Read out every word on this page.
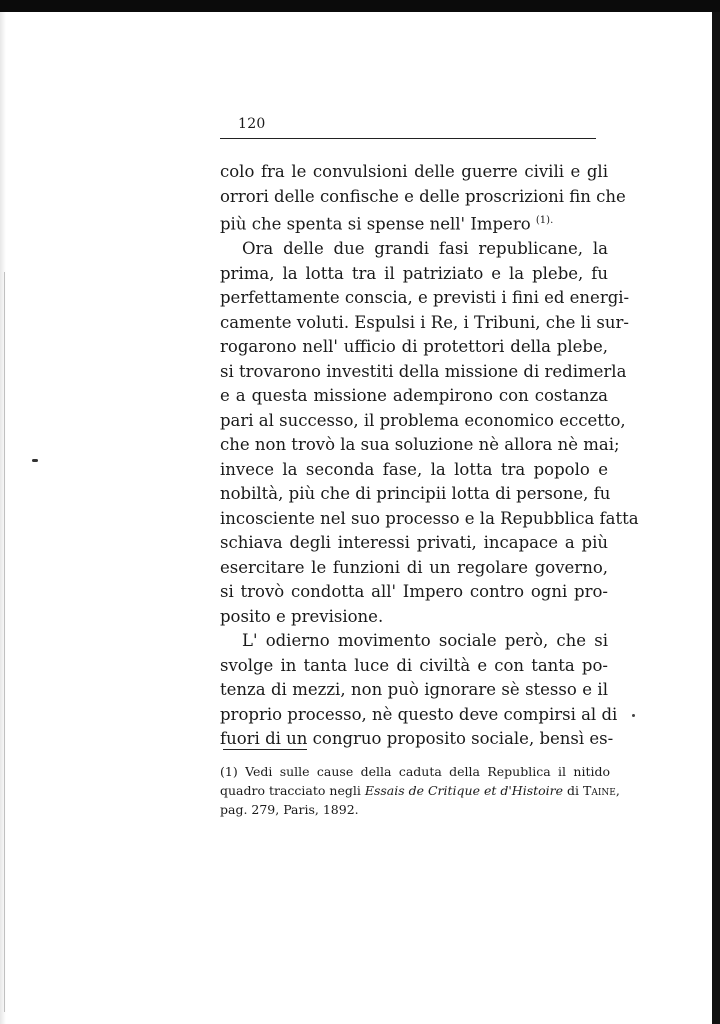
120
colo fra le convulsioni delle guerre civili e gli
orrori delle confische e delle proscrizioni fin che
più che spenta si spense nell' Impero $^{(1).}$
Ora delle due grandi fasi republicane, la
prima, la lotta tra il patriziato e la plebe, fu
perfettamente conscia, e previsti i fini ed energi-
camente voluti. Espulsi i Re, i Tribuni, che li sur-
rogarono nell' ufficio di protettori della plebe,
si trovarono investiti della missione di redimerla
e a questa missione adempirono con costanza
pari al successo, il problema economico eccetto,
che non trovò la sua soluzione nè allora nè mai;
invece la seconda fase, la lotta tra popolo e
nobiltà, più che di principii lotta di persone, fu
incosciente nel suo processo e la Repubblica fatta
schiava degli interessi privati, incapace a più
esercitare le funzioni di un regolare governo,
si trovò condotta all' Impero contro ogni pro-
posito e previsione.
L' odierno movimento sociale però, che si
svolge in tanta luce di civiltà e con tanta po-
tenza di mezzi, non può ignorare sè stesso e il
proprio processo, nè questo deve compirsi al di
fuori di un congruo proposito sociale, bensì es-
(1) Vedi sulle cause della caduta della Republica il nitido
quadro tracciato negli Essais de Critique et d'Histoire di Taine,
pag. 279, Paris, 1892.
